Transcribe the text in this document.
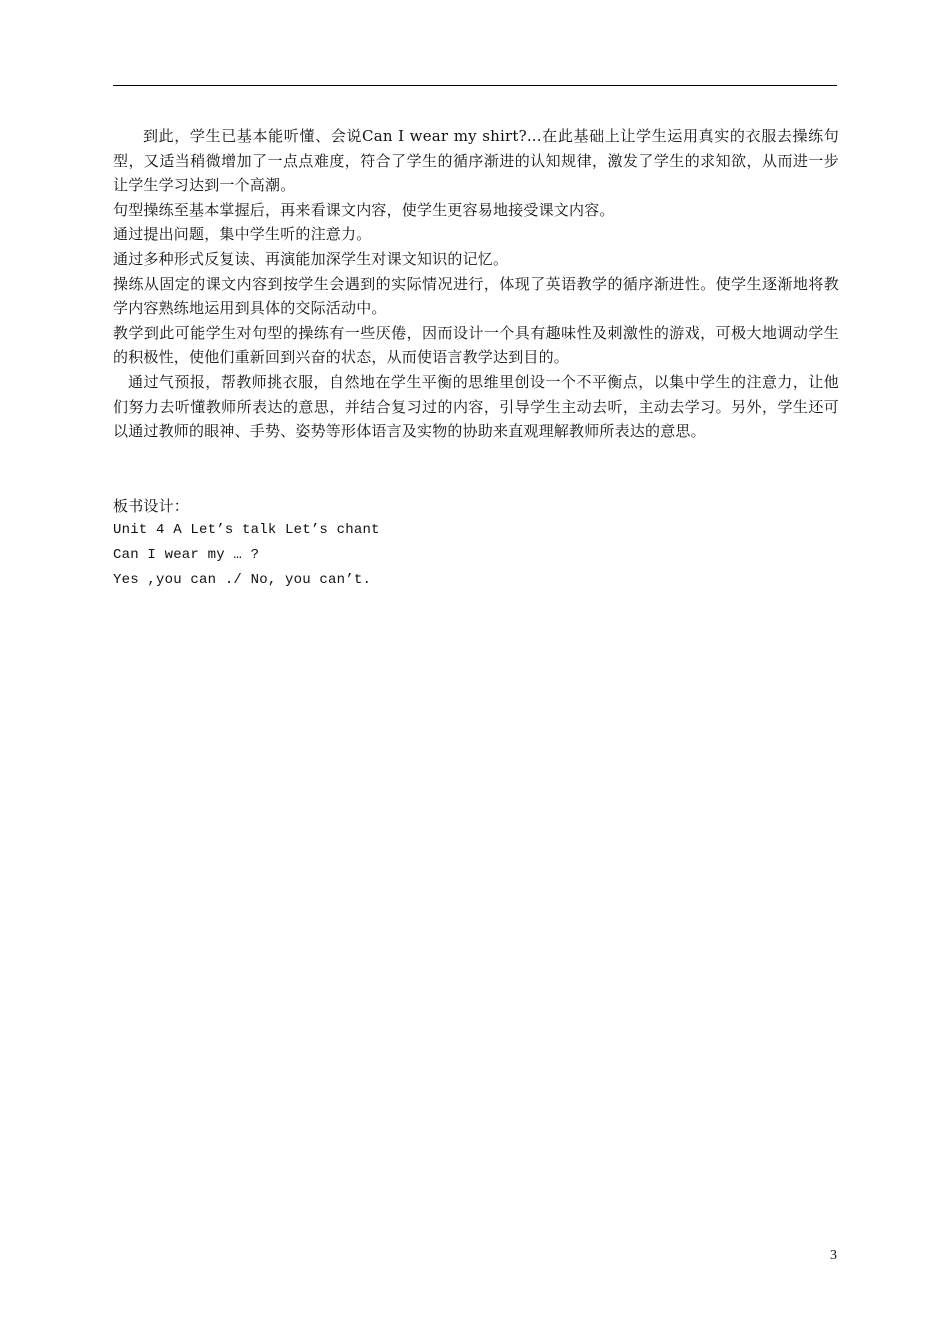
到此，学生已基本能听懂、会说Can I wear my shirt?...在此基础上让学生运用真实的衣服去操练句型，又适当稍微增加了一点点难度，符合了学生的循序渐进的认知规律，激发了学生的求知欲，从而进一步让学生学习达到一个高潮。

句型操练至基本掌握后，再来看课文内容，使学生更容易地接受课文内容。

通过提出问题，集中学生听的注意力。

通过多种形式反复读、再演能加深学生对课文知识的记忆。

操练从固定的课文内容到按学生会遇到的实际情况进行，体现了英语教学的循序渐进性。使学生逐渐地将教学内容熟练地运用到具体的交际活动中。

教学到此可能学生对句型的操练有一些厌倦，因而设计一个具有趣味性及刺激性的游戏，可极大地调动学生的积极性，使他们重新回到兴奋的状态，从而使语言教学达到目的。

通过气预报，帮教师挑衣服，自然地在学生平衡的思维里创设一个不平衡点，以集中学生的注意力，让他们努力去听懂教师所表达的意思，并结合复习过的内容，引导学生主动去听，主动去学习。另外，学生还可以通过教师的眼神、手势、姿势等形体语言及实物的协助来直观理解教师所表达的意思。

板书设计：

Unit 4 A Let’s talk Let’s chant

Can I wear my … ?

Yes ,you can ./ No, you can’t.

3
